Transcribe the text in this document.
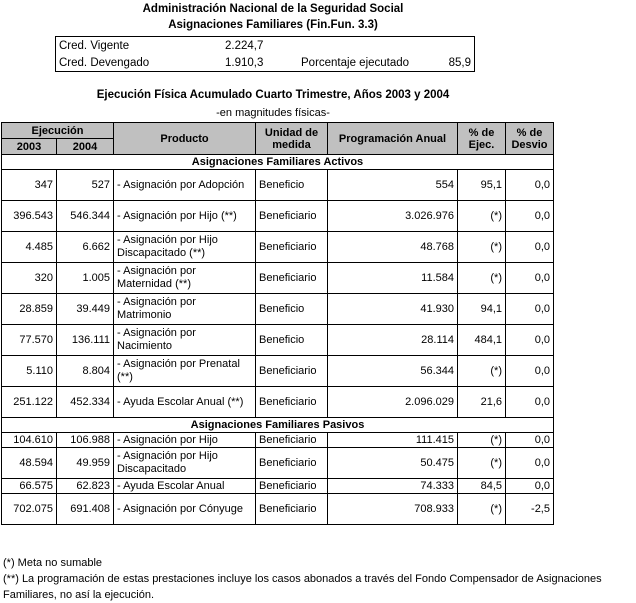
Administración Nacional de la Seguridad Social
Asignaciones Familiares (Fin.Fun. 3.3)
Cred. Vigente	2.224,7		
Cred. Devengado	1.910,3	Porcentaje ejecutado	85,9
Ejecución Física Acumulado Cuarto Trimestre, Años 2003 y 2004
-en magnitudes físicas-
Ejecución		Producto	Unidad de medida	Programación Anual	% de Ejec.	% de Desvio
2003	2004					
Asignaciones Familiares Activos						
347	527	- Asignación por Adopción	Beneficio	554	95,1	0,0
396.543	546.344	- Asignación por Hijo (**)	Beneficiario	3.026.976	(*)	0,0
4.485	6.662	- Asignación por Hijo Discapacitado (**)	Beneficiario	48.768	(*)	0,0
320	1.005	- Asignación por Maternidad (**)	Beneficiario	11.584	(*)	0,0
28.859	39.449	- Asignación por Matrimonio	Beneficio	41.930	94,1	0,0
77.570	136.111	- Asignación por Nacimiento	Beneficio	28.114	484,1	0,0
5.110	8.804	- Asignación por Prenatal (**)	Beneficiario	56.344	(*)	0,0
251.122	452.334	- Ayuda Escolar Anual (**)	Beneficiario	2.096.029	21,6	0,0
Asignaciones Familiares Pasivos						
104.610	106.988	- Asignación por Hijo	Beneficiario	111.415	(*)	0,0
48.594	49.959	- Asignación por Hijo Discapacitado	Beneficiario	50.475	(*)	0,0
66.575	62.823	- Ayuda Escolar Anual	Beneficiario	74.333	84,5	0,0
702.075	691.408	- Asignación por Cónyuge	Beneficiario	708.933	(*)	-2,5
(*) Meta no sumable
(**) La programación de estas prestaciones incluye los casos abonados a través del Fondo Compensador de Asignaciones Familiares, no así la ejecución.
